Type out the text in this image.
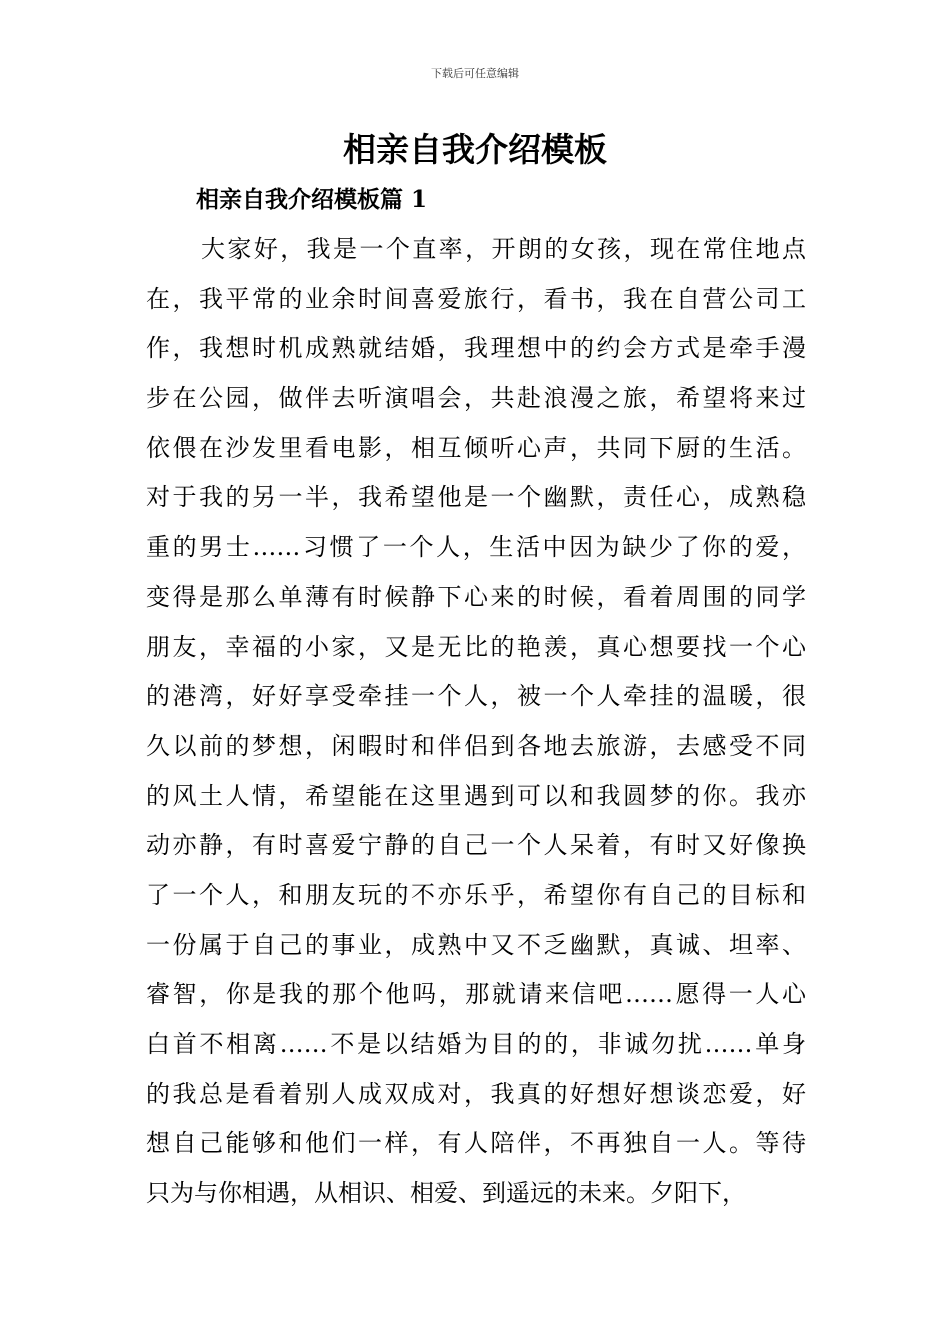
下载后可任意编辑
相亲自我介绍模板
相亲自我介绍模板篇 1
大家好，我是一个直率，开朗的女孩，现在常住地点
在，我平常的业余时间喜爱旅行，看书，我在自营公司工
作，我想时机成熟就结婚，我理想中的约会方式是牵手漫
步在公园，做伴去听演唱会，共赴浪漫之旅，希望将来过
依偎在沙发里看电影，相互倾听心声，共同下厨的生活。
对于我的另一半，我希望他是一个幽默，责任心，成熟稳
重的男士……习惯了一个人，生活中因为缺少了你的爱，
变得是那么单薄有时候静下心来的时候，看着周围的同学
朋友，幸福的小家，又是无比的艳羡，真心想要找一个心
的港湾，好好享受牵挂一个人，被一个人牵挂的温暖，很
久以前的梦想，闲暇时和伴侣到各地去旅游，去感受不同
的风土人情，希望能在这里遇到可以和我圆梦的你。我亦
动亦静，有时喜爱宁静的自己一个人呆着，有时又好像换
了一个人，和朋友玩的不亦乐乎，希望你有自己的目标和
一份属于自己的事业，成熟中又不乏幽默，真诚、坦率、
睿智，你是我的那个他吗，那就请来信吧……愿得一人心
白首不相离……不是以结婚为目的的，非诚勿扰……单身
的我总是看着别人成双成对，我真的好想好想谈恋爱，好
想自己能够和他们一样，有人陪伴，不再独自一人。等待
只为与你相遇，从相识、相爱、到遥远的未来。夕阳下，
